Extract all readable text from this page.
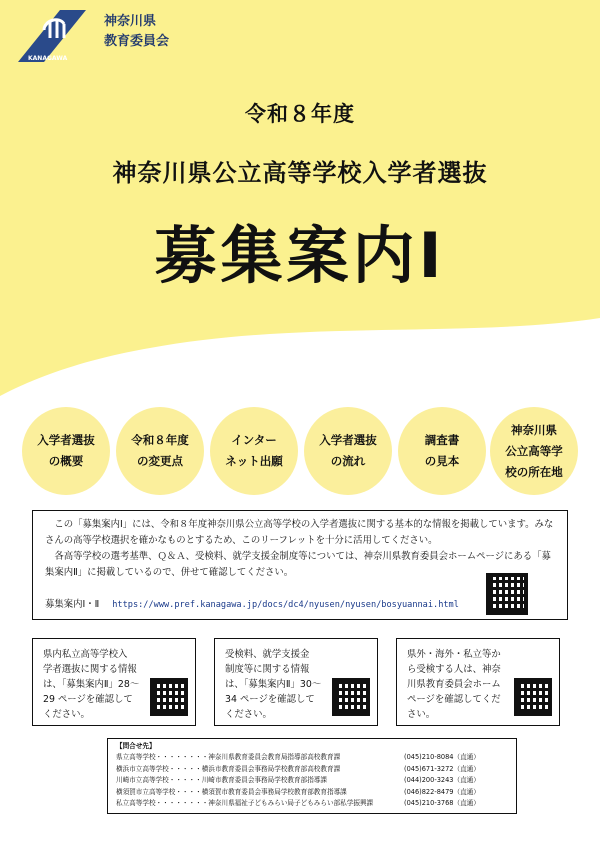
KANAGAWA
神奈川県
教育委員会
令和８年度
神奈川県公立高等学校入学者選抜
募集案内Ⅰ
入学者選抜
の概要
令和８年度
の変更点
インター
ネット出願
入学者選抜
の流れ
調査書
の見本
神奈川県
公立高等学
校の所在地

この「募集案内Ⅰ」には、令和８年度神奈川県公立高等学校の入学者選抜に関する基本的な情報を掲載しています。みなさんの高等学校選択を確かなものとするため、このリーフレットを十分に活用してください。

各高等学校の選考基準、Ｑ＆Ａ、受検料、就学支援金制度等については、神奈川県教育委員会ホームページにある「募集案内Ⅱ」に掲載しているので、併せて確認してください。

募集案内Ⅰ・Ⅱ https://www.pref.kanagawa.jp/docs/dc4/nyusen/nyusen/bosyuannai.html
県内私立高等学校入
学者選抜に関する情報
は、「募集案内Ⅱ」28～
29 ページを確認して
ください。
受検料、就学支援金
制度等に関する情報
は、「募集案内Ⅱ」30～
34 ページを確認して
ください。
県外・海外・私立等か
ら受検する人は、神奈
川県教育委員会ホーム
ページを確認してくだ
さい。
【問合せ先】
県立高等学校・・・・・・・・神奈川県教育委員会教育局指導部高校教育課	(045)210-8084（直通）
横浜市立高等学校・・・・・横浜市教育委員会事務局学校教育部高校教育課	(045)671-3272（直通）
川崎市立高等学校・・・・・川崎市教育委員会事務局学校教育部指導課	(044)200-3243（直通）
横須賀市立高等学校・・・・横須賀市教育委員会事務局学校教育部教育指導課	(046)822-8479（直通）
私立高等学校・・・・・・・・神奈川県福祉子どもみらい局子どもみらい部私学振興課	(045)210-3768（直通）
